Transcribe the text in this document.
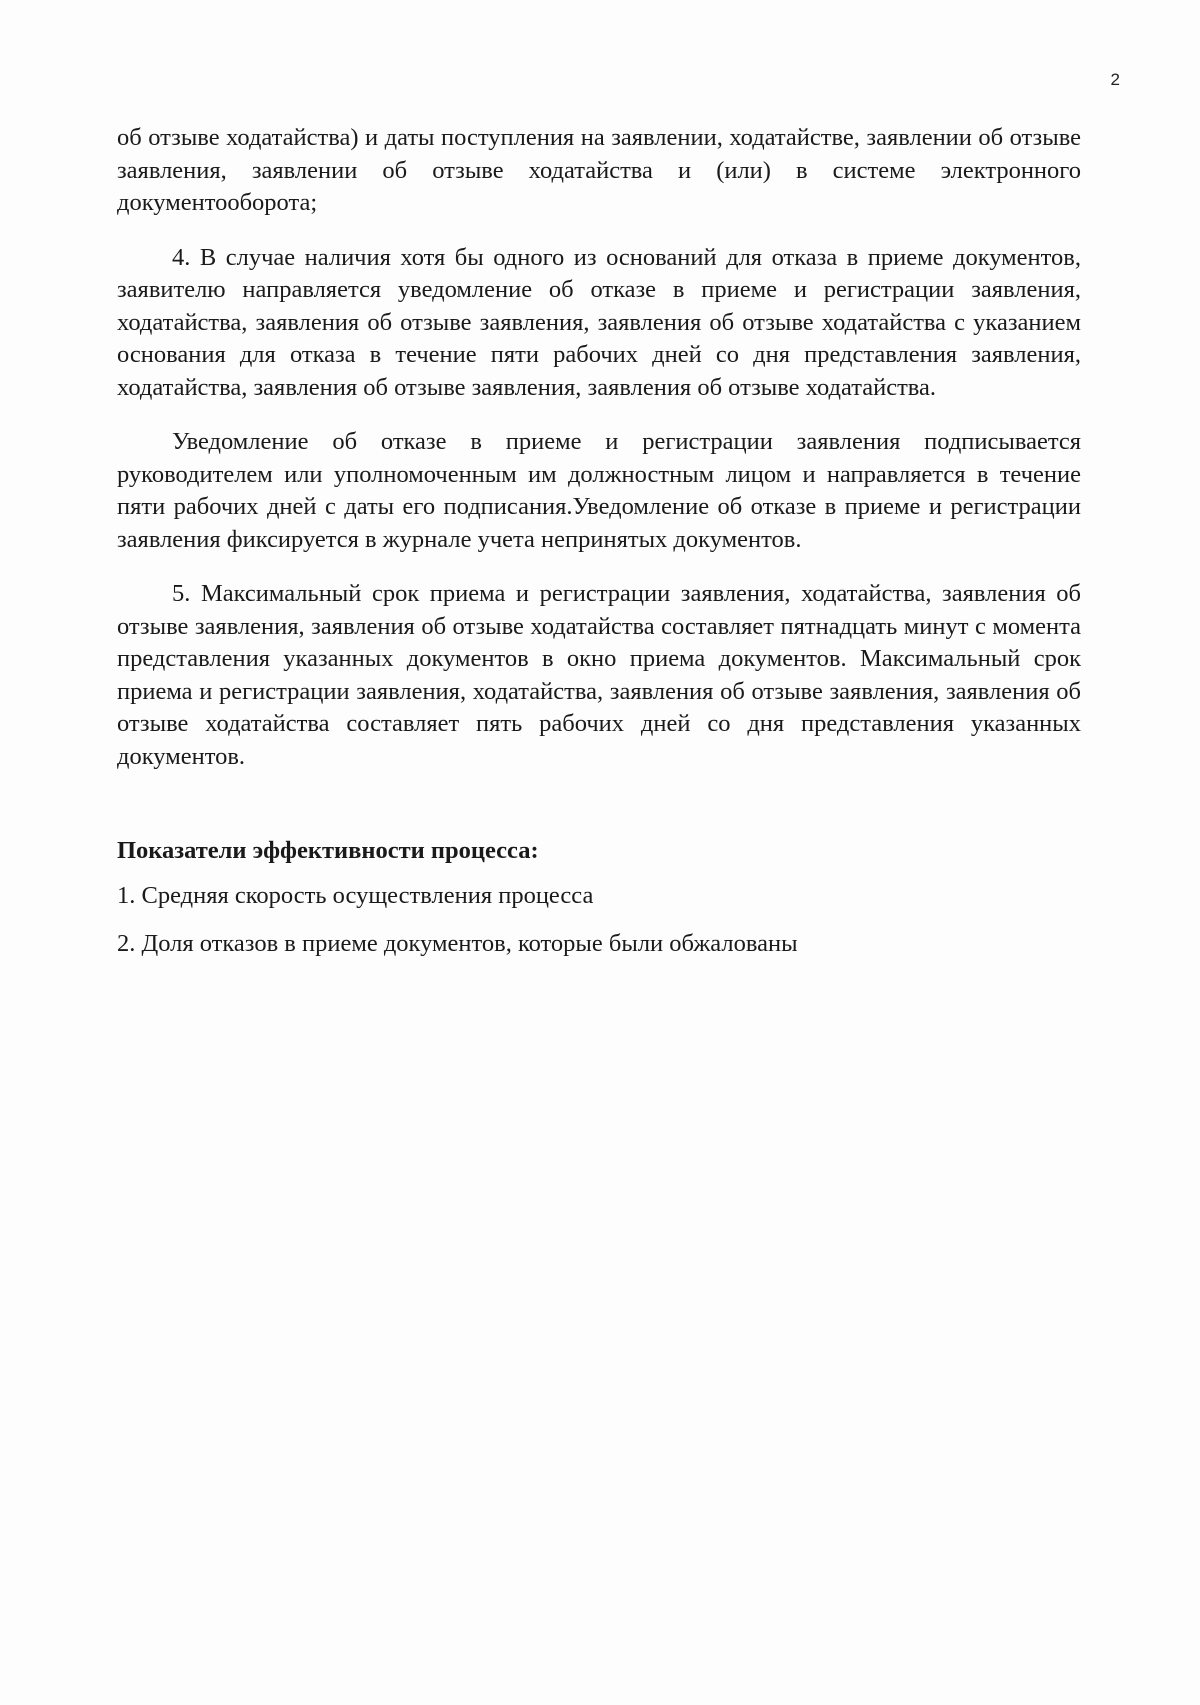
2

об отзыве ходатайства) и даты поступления на заявлении, ходатайстве, заявлении об отзыве заявления, заявлении об отзыве ходатайства и (или) в системе электронного документооборота;

4. В случае наличия хотя бы одного из оснований для отказа в приеме документов, заявителю направляется уведомление об отказе в приеме и регистрации заявления, ходатайства, заявления об отзыве заявления, заявления об отзыве ходатайства с указанием основания для отказа в течение пяти рабочих дней со дня представления заявления, ходатайства, заявления об отзыве заявления, заявления об отзыве ходатайства.

Уведомление об отказе в приеме и регистрации заявления подписывается руководителем или уполномоченным им должностным лицом и направляется в течение пяти рабочих дней с даты его подписания.Уведомление об отказе в приеме и регистрации заявления фиксируется в журнале учета непринятых документов.

5. Максимальный срок приема и регистрации заявления, ходатайства, заявления об отзыве заявления, заявления об отзыве ходатайства составляет пятнадцать минут с момента представления указанных документов в окно приема документов. Максимальный срок приема и регистрации заявления, ходатайства, заявления об отзыве заявления, заявления об отзыве ходатайства составляет пять рабочих дней со дня представления указанных документов.

Показатели эффективности процесса:

1. Средняя скорость осуществления процесса

2. Доля отказов в приеме документов, которые были обжалованы
